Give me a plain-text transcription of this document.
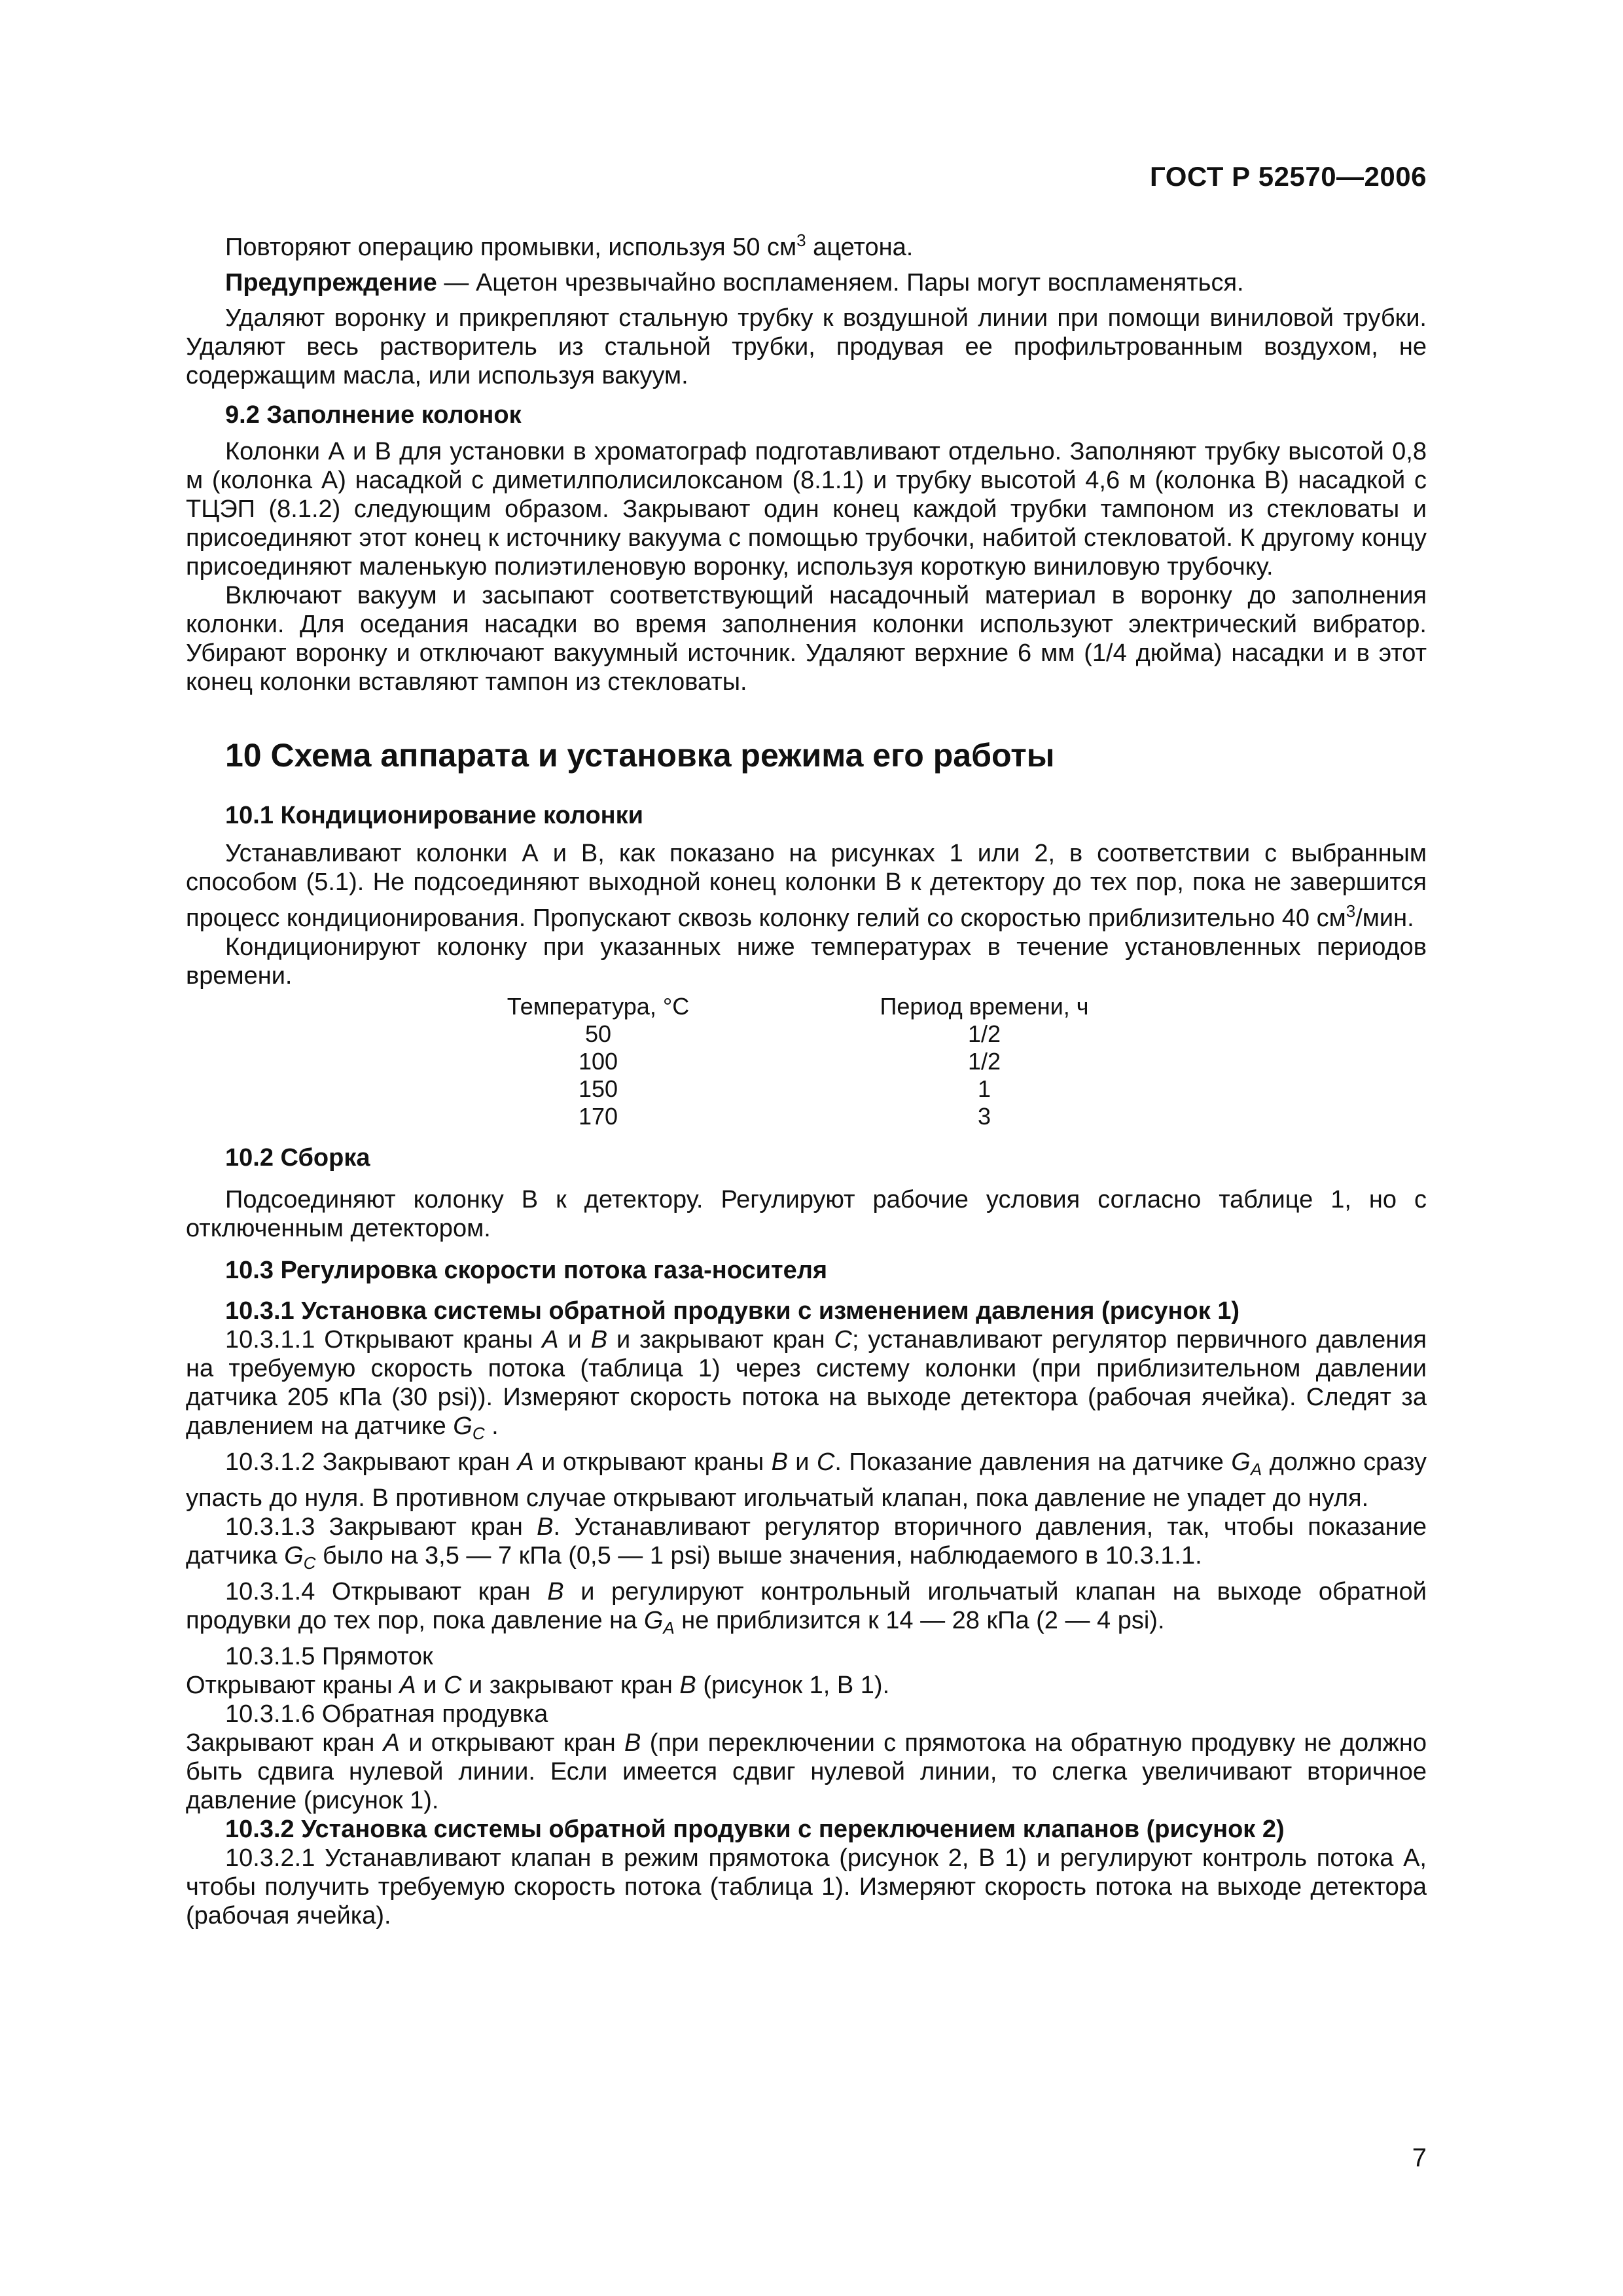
ГОСТ Р 52570—2006

Повторяют операцию промывки, используя 50 $см^3$ ацетона.

Предупреждение — Ацетон чрезвычайно воспламеняем. Пары могут воспламеняться.

Удаляют воронку и прикрепляют стальную трубку к воздушной линии при помощи виниловой трубки. Удаляют весь растворитель из стальной трубки, продувая ее профильтрованным воздухом, не содержащим масла, или используя вакуум.

9.2 Заполнение колонок

Колонки А и В для установки в хроматограф подготавливают отдельно. Заполняют трубку высотой 0,8 м (колонка А) насадкой с диметилполисилоксаном (8.1.1) и трубку высотой 4,6 м (колонка В) насадкой с ТЦЭП (8.1.2) следующим образом. Закрывают один конец каждой трубки тампоном из стекловаты и присоединяют этот конец к источнику вакуума с помощью трубочки, набитой стекловатой. К другому концу присоединяют маленькую полиэтиленовую воронку, используя короткую виниловую трубочку.

Включают вакуум и засыпают соответствующий насадочный материал в воронку до заполнения колонки. Для оседания насадки во время заполнения колонки используют электрический вибратор. Убирают воронку и отключают вакуумный источник. Удаляют верхние 6 мм (1/4 дюйма) насадки и в этот конец колонки вставляют тампон из стекловаты.

10 Схема аппарата и установка режима его работы

10.1 Кондиционирование колонки

Устанавливают колонки А и В, как показано на рисунках 1 или 2, в соответствии с выбранным способом (5.1). Не подсоединяют выходной конец колонки В к детектору до тех пор, пока не завершится процесс кондиционирования. Пропускают сквозь колонку гелий со скоростью приблизительно 40 $см^3$/мин.

Кондиционируют колонку при указанных ниже температурах в течение установленных периодов времени.

Температура, °С		Период времени, ч
50		1/2
100		1/2
150		1
170		3

10.2 Сборка

Подсоединяют колонку В к детектору. Регулируют рабочие условия согласно таблице 1, но с отключенным детектором.

10.3 Регулировка скорости потока газа-носителя

10.3.1 Установка системы обратной продувки с изменением давления (рисунок 1)

10.3.1.1 Открывают краны А и В и закрывают кран С; устанавливают регулятор первичного давления на требуемую скорость потока (таблица 1) через систему колонки (при приблизительном давлении датчика 205 кПа (30 psi)). Измеряют скорость потока на выходе детектора (рабочая ячейка). Следят за давлением на датчике $G_C$ .

10.3.1.2 Закрывают кран А и открывают краны В и С. Показание давления на датчике $G_A$ должно сразу упасть до нуля. В противном случае открывают игольчатый клапан, пока давление не упадет до нуля.

10.3.1.3 Закрывают кран В. Устанавливают регулятор вторичного давления, так, чтобы показание датчика $G_C$ было на 3,5 — 7 кПа (0,5 — 1 psi) выше значения, наблюдаемого в 10.3.1.1.

10.3.1.4 Открывают кран В и регулируют контрольный игольчатый клапан на выходе обратной продувки до тех пор, пока давление на $G_A$ не приблизится к 14 — 28 кПа (2 — 4 psi).

10.3.1.5 Прямоток

Открывают краны А и С и закрывают кран В (рисунок 1, В 1).

10.3.1.6 Обратная продувка

Закрывают кран А и открывают кран В (при переключении с прямотока на обратную продувку не должно быть сдвига нулевой линии. Если имеется сдвиг нулевой линии, то слегка увеличивают вторичное давление (рисунок 1).

10.3.2 Установка системы обратной продувки с переключением клапанов (рисунок 2)

10.3.2.1 Устанавливают клапан в режим прямотока (рисунок 2, В 1) и регулируют контроль потока А, чтобы получить требуемую скорость потока (таблица 1). Измеряют скорость потока на выходе детектора (рабочая ячейка).

7
